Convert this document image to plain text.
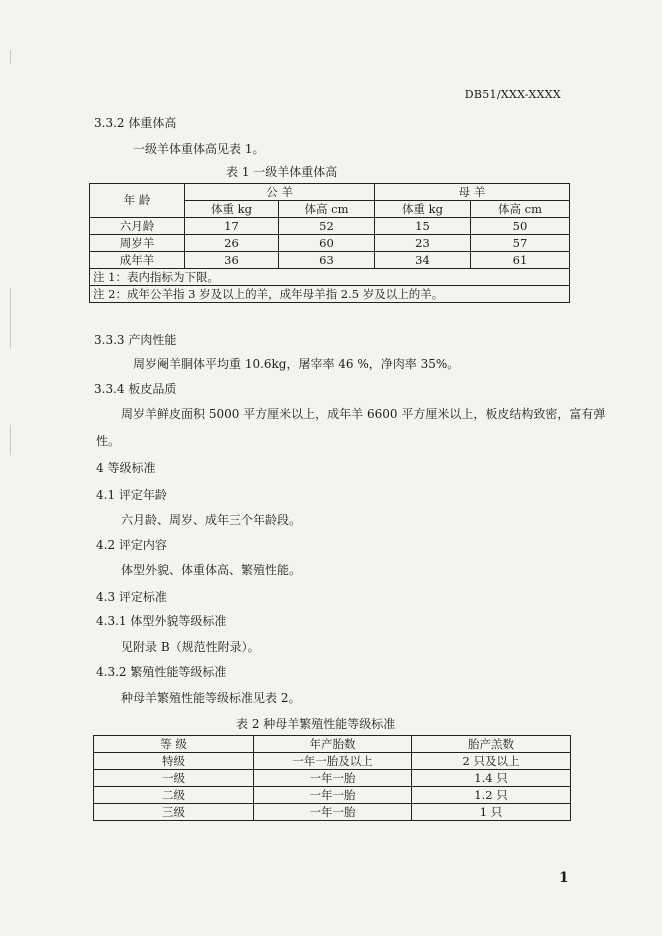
DB51/XXX-XXXX
3.3.2 体重体高
一级羊体重体高见表 1。
表 1 一级羊体重体高
年 龄	公 羊		母 羊	
	体重 kg	体高 cm	体重 kg	体高 cm
六月龄	17	52	15	50
周岁羊	26	60	23	57
成年羊	36	63	34	61
注 1：表内指标为下限。				
注 2：成年公羊指 3 岁及以上的羊，成年母羊指 2.5 岁及以上的羊。				
3.3.3 产肉性能
周岁阉羊胴体平均重 10.6kg，屠宰率 46 %，净肉率 35%。
3.3.4 板皮品质
周岁羊鲜皮面积 5000 平方厘米以上，成年羊 6600 平方厘米以上，板皮结构致密，富有弹
性。
4 等级标准
4.1 评定年龄
六月龄、周岁、成年三个年龄段。
4.2 评定内容
体型外貌、体重体高、繁殖性能。
4.3 评定标准
4.3.1 体型外貌等级标准
见附录 B（规范性附录）。
4.3.2 繁殖性能等级标准
种母羊繁殖性能等级标准见表 2。
表 2 种母羊繁殖性能等级标准
等 级	年产胎数	胎产羔数
特级	一年一胎及以上	2 只及以上
一级	一年一胎	1.4 只
二级	一年一胎	1.2 只
三级	一年一胎	1 只
1
